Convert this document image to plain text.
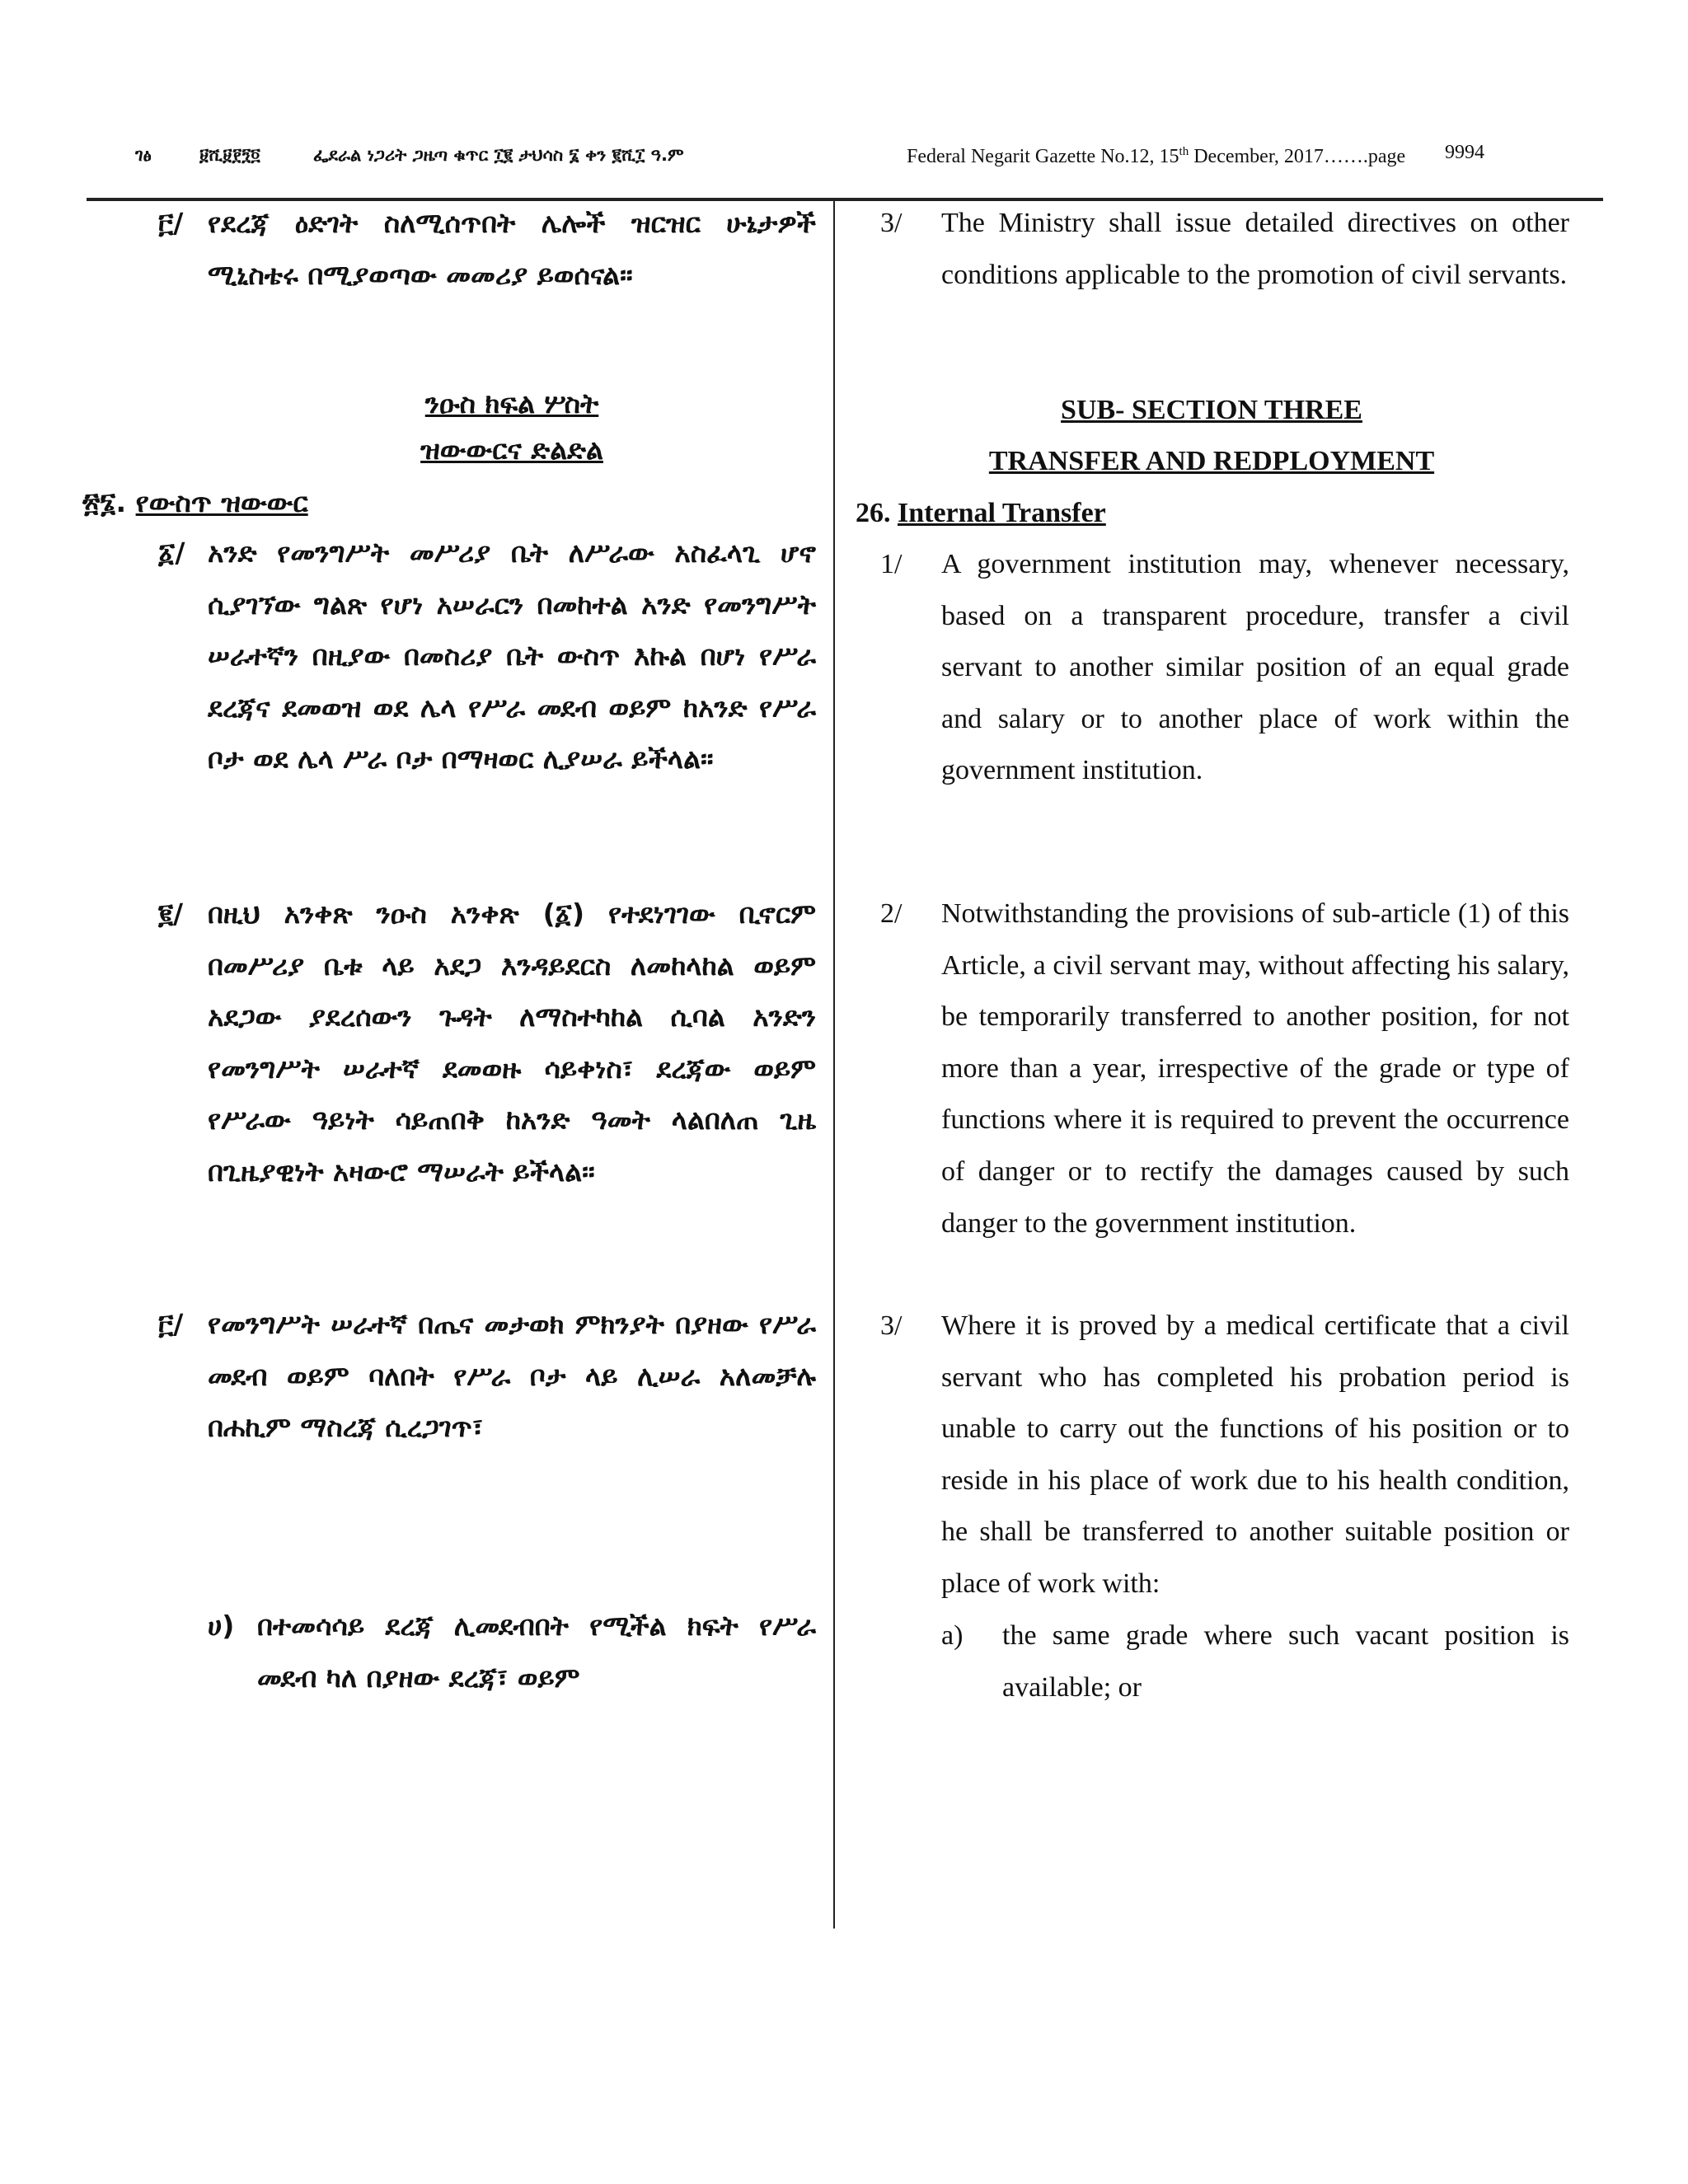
ገፅ	፱ሺ፱፻፺፬	ፌደራል ነጋሪት ጋዜጣ ቁጥር ፲፪ ታህሳስ ፮ ቀን ፪ሺ፲ ዓ.ም	Federal Negarit Gazette No.12, 15th December, 2017…….page 9994
፫/ የደረጃ ዕድገት ስለሚሰጥበት ሌሎች ዝርዝር ሁኔታዎች ሚኒስቴሩ በሚያወጣው መመሪያ ይወሰናል፡፡
ንዑስ ክፍል ሦስት
ዝውውርና ድልድል
፳፮. የውስጥ ዝውውር
፩/ አንድ የመንግሥት መሥሪያ ቤት ለሥራው አስፈላጊ ሆኖ ሲያገኘው ግልጽ የሆነ አሠራርን በመከተል አንድ የመንግሥት ሠራተኛን በዚያው በመስሪያ ቤት ውስጥ እኩል በሆነ የሥራ ደረጃና ደመወዝ ወደ ሌላ የሥራ መደብ ወይም ከአንድ የሥራ ቦታ ወደ ሌላ ሥራ ቦታ በማዛወር ሊያሠራ ይችላል፡፡
፪/ በዚህ አንቀጽ ንዑስ አንቀጽ (፩) የተደነገገው ቢኖርም በመሥሪያ ቤቱ ላይ አደጋ እንዳይደርስ ለመከላከል ወይም አደጋው ያደረሰውን ጉዳት ለማስተካከል ሲባል አንድን የመንግሥት ሠራተኛ ደመወዙ ሳይቀነስ፣ ደረጃው ወይም የሥራው ዓይነት ሳይጠበቅ ከአንድ ዓመት ላልበለጠ ጊዜ በጊዜያዊነት አዛውሮ ማሠራት ይችላል፡፡
፫/ የመንግሥት ሠራተኛ በጤና መታወክ ምክንያት በያዘው የሥራ መደብ ወይም ባለበት የሥራ ቦታ ላይ ሊሠራ አለመቻሉ በሐኪም ማስረጃ ሲረጋገጥ፣
ሀ) በተመሳሳይ ደረጃ ሊመደብበት የሚችል ክፍት የሥራ መደብ ካለ በያዘው ደረጃ፣ ወይም
3/ The Ministry shall issue detailed directives on other conditions applicable to the promotion of civil servants.
SUB- SECTION THREE
TRANSFER AND REDPLOYMENT
26. Internal Transfer
1/ A government institution may, whenever necessary, based on a transparent procedure, transfer a civil servant to another similar position of an equal grade and salary or to another place of work within the government institution.
2/ Notwithstanding the provisions of sub-article (1) of this Article, a civil servant may, without affecting his salary, be temporarily transferred to another position, for not more than a year, irrespective of the grade or type of functions where it is required to prevent the occurrence of danger or to rectify the damages caused by such danger to the government institution.
3/ Where it is proved by a medical certificate that a civil servant who has completed his probation period is unable to carry out the functions of his position or to reside in his place of work due to his health condition, he shall be transferred to another suitable position or place of work with:
a) the same grade where such vacant position is available; or
